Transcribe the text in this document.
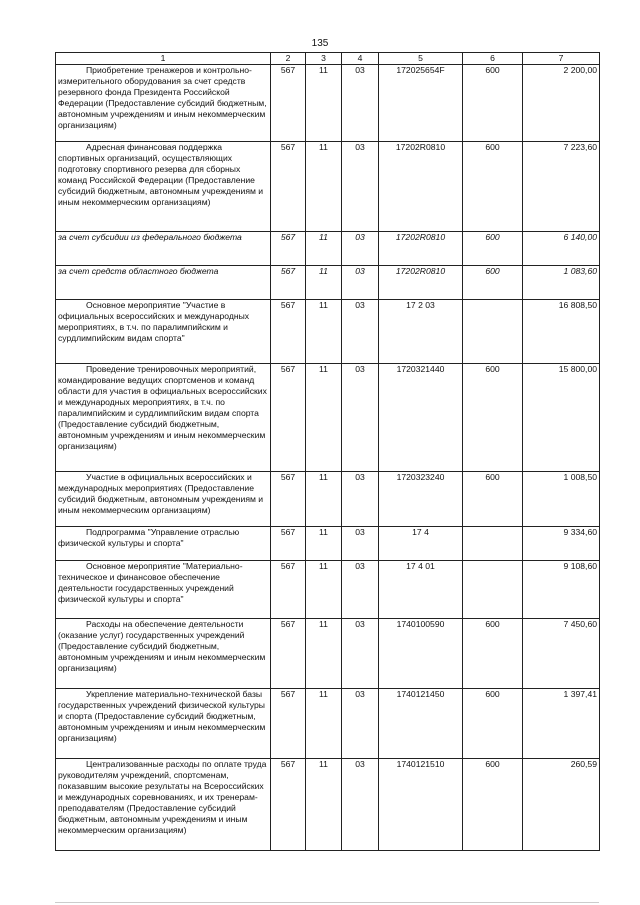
135
1	2	3	4	5	6	7

Приобретение тренажеров и контрольно-измерительного оборудования за счет средств резервного фонда Президента Российской Федерации (Предоставление субсидий бюджетным, автономным учреждениям и иным некоммерческим организациям)	567	11	03	172025654F	600	2 200,00

Адресная финансовая поддержка спортивных организаций, осуществляющих подготовку спортивного резерва для сборных команд Российской Федерации (Предоставление субсидий бюджетным, автономным учреждениям и иным некоммерческим организациям)	567	11	03	17202R0810	600	7 223,60

за счет субсидии из федерального бюджета	567	11	03	17202R0810	600	6 140,00

за счет средств областного бюджета	567	11	03	17202R0810	600	1 083,60

Основное мероприятие "Участие в официальных всероссийских и международных мероприятиях, в т.ч. по паралимпийским и сурдлимпийским видам спорта"	567	11	03	17 2 03		16 808,50

Проведение тренировочных мероприятий, командирование ведущих спортсменов и команд области для участия в официальных всероссийских и международных мероприятиях, в т.ч. по паралимпийским и сурдлимпийским видам спорта (Предоставление субсидий бюджетным, автономным учреждениям и иным некоммерческим организациям)	567	11	03	1720321440	600	15 800,00

Участие в официальных всероссийских и международных мероприятиях (Предоставление субсидий бюджетным, автономным учреждениям и иным некоммерческим организациям)	567	11	03	1720323240	600	1 008,50

Подпрограмма "Управление отраслью физической культуры и спорта"	567	11	03	17 4		9 334,60

Основное мероприятие "Материально-техническое и финансовое обеспечение деятельности государственных учреждений физической культуры и спорта"	567	11	03	17 4 01		9 108,60

Расходы на обеспечение деятельности (оказание услуг) государственных учреждений (Предоставление субсидий бюджетным, автономным учреждениям и иным некоммерческим организациям)	567	11	03	1740100590	600	7 450,60

Укрепление материально-технической базы государственных учреждений физической культуры и спорта (Предоставление субсидий бюджетным, автономным учреждениям и иным некоммерческим организациям)	567	11	03	1740121450	600	1 397,41

Централизованные расходы по оплате труда руководителям учреждений, спортсменам, показавшим высокие результаты на Всероссийских и международных соревнованиях, и их тренерам-преподавателям (Предоставление субсидий бюджетным, автономным учреждениям и иным некоммерческим организациям)	567	11	03	1740121510	600	260,59
